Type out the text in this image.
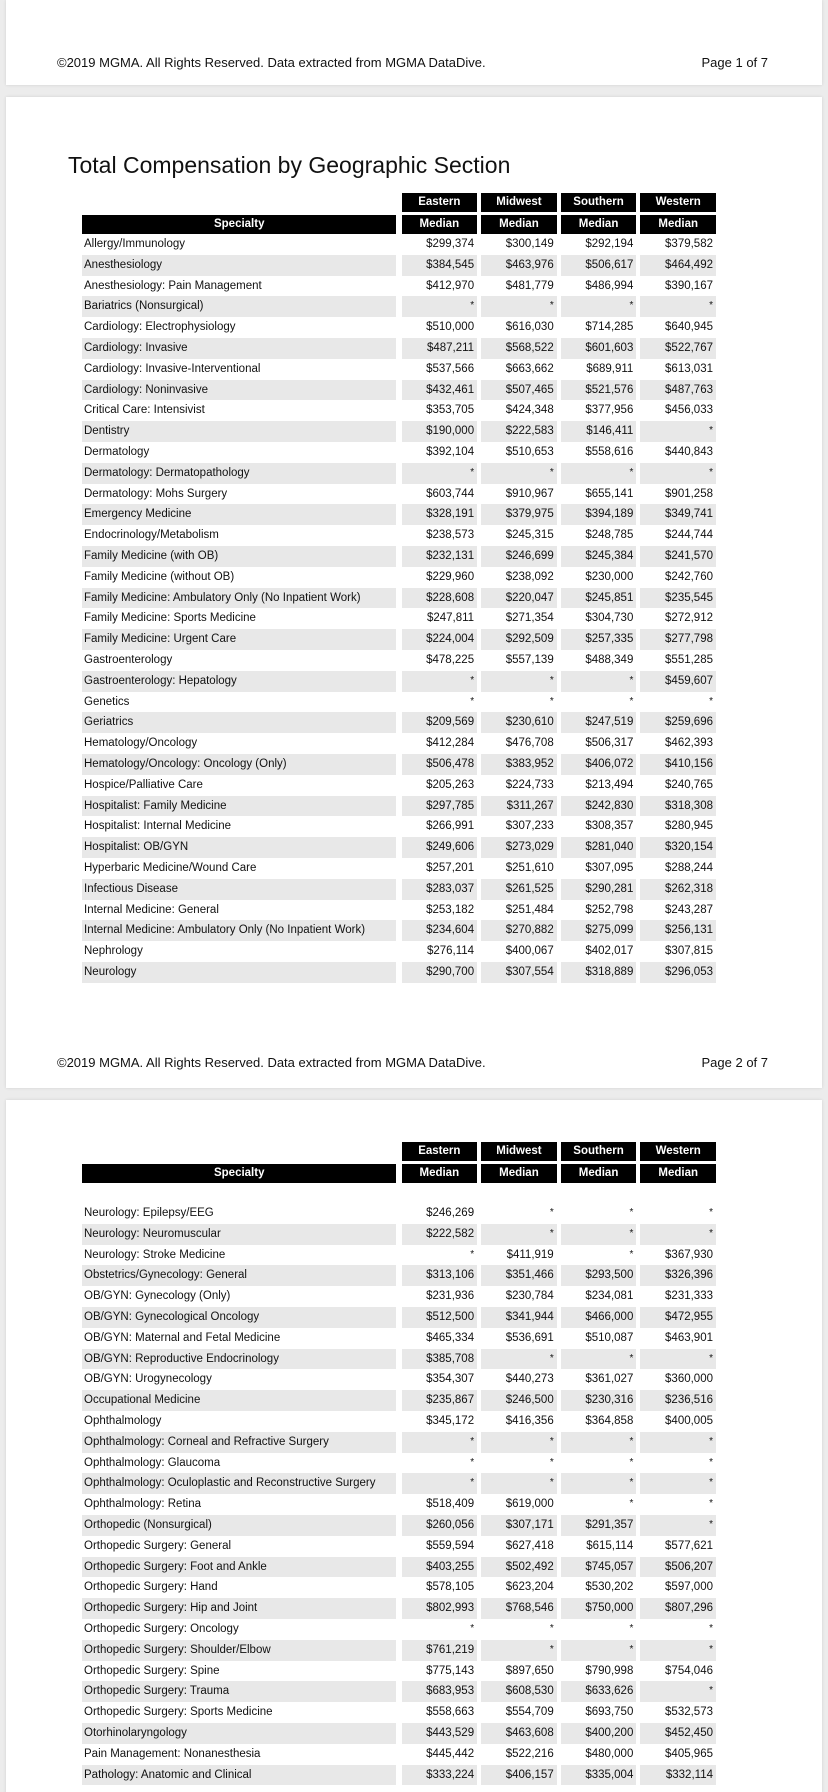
©2019 MGMA. All Rights Reserved. Data extracted from MGMA DataDive.	Page 1 of 7
Total Compensation by Geographic Section
		Eastern		Midwest		Southern		Western

Specialty		Median		Median		Median		Median
Allergy/Immunology		$299,374		$300,149		$292,194		$379,582
Anesthesiology		$384,545		$463,976		$506,617		$464,492
Anesthesiology: Pain Management		$412,970		$481,779		$486,994		$390,167
Bariatrics (Nonsurgical)		*		*		*		*
Cardiology: Electrophysiology		$510,000		$616,030		$714,285		$640,945
Cardiology: Invasive		$487,211		$568,522		$601,603		$522,767
Cardiology: Invasive-Interventional		$537,566		$663,662		$689,911		$613,031
Cardiology: Noninvasive		$432,461		$507,465		$521,576		$487,763
Critical Care: Intensivist		$353,705		$424,348		$377,956		$456,033
Dentistry		$190,000		$222,583		$146,411		*
Dermatology		$392,104		$510,653		$558,616		$440,843
Dermatology: Dermatopathology		*		*		*		*
Dermatology: Mohs Surgery		$603,744		$910,967		$655,141		$901,258
Emergency Medicine		$328,191		$379,975		$394,189		$349,741
Endocrinology/Metabolism		$238,573		$245,315		$248,785		$244,744
Family Medicine (with OB)		$232,131		$246,699		$245,384		$241,570
Family Medicine (without OB)		$229,960		$238,092		$230,000		$242,760
Family Medicine: Ambulatory Only (No Inpatient Work)		$228,608		$220,047		$245,851		$235,545
Family Medicine: Sports Medicine		$247,811		$271,354		$304,730		$272,912
Family Medicine: Urgent Care		$224,004		$292,509		$257,335		$277,798
Gastroenterology		$478,225		$557,139		$488,349		$551,285
Gastroenterology: Hepatology		*		*		*		$459,607
Genetics		*		*		*		*
Geriatrics		$209,569		$230,610		$247,519		$259,696
Hematology/Oncology		$412,284		$476,708		$506,317		$462,393
Hematology/Oncology: Oncology (Only)		$506,478		$383,952		$406,072		$410,156
Hospice/Palliative Care		$205,263		$224,733		$213,494		$240,765
Hospitalist: Family Medicine		$297,785		$311,267		$242,830		$318,308
Hospitalist: Internal Medicine		$266,991		$307,233		$308,357		$280,945
Hospitalist: OB/GYN		$249,606		$273,029		$281,040		$320,154
Hyperbaric Medicine/Wound Care		$257,201		$251,610		$307,095		$288,244
Infectious Disease		$283,037		$261,525		$290,281		$262,318
Internal Medicine: General		$253,182		$251,484		$252,798		$243,287
Internal Medicine: Ambulatory Only (No Inpatient Work)		$234,604		$270,882		$275,099		$256,131
Nephrology		$276,114		$400,067		$402,017		$307,815
Neurology		$290,700		$307,554		$318,889		$296,053
©2019 MGMA. All Rights Reserved. Data extracted from MGMA DataDive.	Page 2 of 7
		Eastern		Midwest		Southern		Western

Specialty		Median		Median		Median		Median

Neurology: Epilepsy/EEG		$246,269		*		*		*
Neurology: Neuromuscular		$222,582		*		*		*
Neurology: Stroke Medicine		*		$411,919		*		$367,930
Obstetrics/Gynecology: General		$313,106		$351,466		$293,500		$326,396
OB/GYN: Gynecology (Only)		$231,936		$230,784		$234,081		$231,333
OB/GYN: Gynecological Oncology		$512,500		$341,944		$466,000		$472,955
OB/GYN: Maternal and Fetal Medicine		$465,334		$536,691		$510,087		$463,901
OB/GYN: Reproductive Endocrinology		$385,708		*		*		*
OB/GYN: Urogynecology		$354,307		$440,273		$361,027		$360,000
Occupational Medicine		$235,867		$246,500		$230,316		$236,516
Ophthalmology		$345,172		$416,356		$364,858		$400,005
Ophthalmology: Corneal and Refractive Surgery		*		*		*		*
Ophthalmology: Glaucoma		*		*		*		*
Ophthalmology: Oculoplastic and Reconstructive Surgery		*		*		*		*
Ophthalmology: Retina		$518,409		$619,000		*		*
Orthopedic (Nonsurgical)		$260,056		$307,171		$291,357		*
Orthopedic Surgery: General		$559,594		$627,418		$615,114		$577,621
Orthopedic Surgery: Foot and Ankle		$403,255		$502,492		$745,057		$506,207
Orthopedic Surgery: Hand		$578,105		$623,204		$530,202		$597,000
Orthopedic Surgery: Hip and Joint		$802,993		$768,546		$750,000		$807,296
Orthopedic Surgery: Oncology		*		*		*		*
Orthopedic Surgery: Shoulder/Elbow		$761,219		*		*		*
Orthopedic Surgery: Spine		$775,143		$897,650		$790,998		$754,046
Orthopedic Surgery: Trauma		$683,953		$608,530		$633,626		*
Orthopedic Surgery: Sports Medicine		$558,663		$554,709		$693,750		$532,573
Otorhinolaryngology		$443,529		$463,608		$400,200		$452,450
Pain Management: Nonanesthesia		$445,442		$522,216		$480,000		$405,965
Pathology: Anatomic and Clinical		$333,224		$406,157		$335,004		$332,114
